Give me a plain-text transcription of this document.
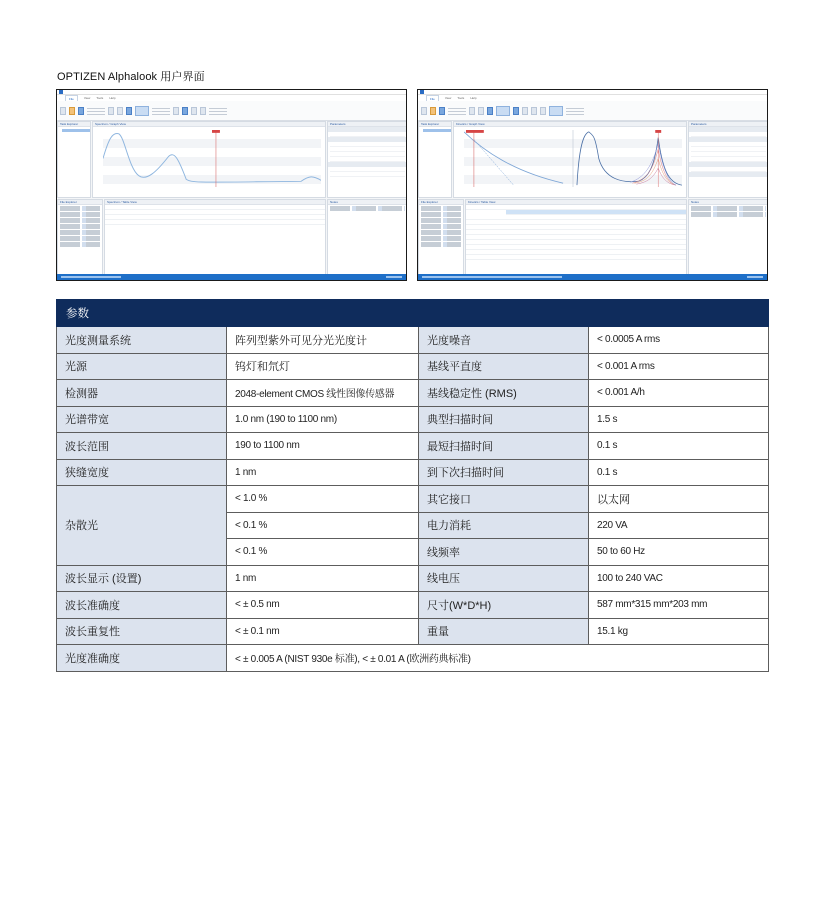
OPTIZEN Alphalook 用户界面
File	View Tools Help
Task Explorer	Spectrum / Graph View	Parameters
File Explorer	Spectrum / Table View	Notes
File	View Tools Help
Task Explorer	Kinetics / Graph View	Parameters
File Explorer	Kinetics / Table View	Notes
参数			
光度测量系统	阵列型紫外可见分光光度计	光度噪音	< 0.0005 A rms
光源	钨灯和氘灯	基线平直度	< 0.001 A rms
检测器	2048-element CMOS 线性图像传感器	基线稳定性 (RMS)	< 0.001 A/h
光谱带宽	1.0 nm (190 to 1100 nm)	典型扫描时间	1.5 s
波长范围	190 to 1100 nm	最短扫描时间	0.1 s
狭缝宽度	1 nm	到下次扫描时间	0.1 s
杂散光	< 1.0 %	其它接口	以太网
	< 0.1 %	电力消耗	220 VA
	< 0.1 %	线频率	50 to 60 Hz
波长显示 (设置)	1 nm	线电压	100 to 240 VAC
波长准确度	< ± 0.5 nm	尺寸(W*D*H)	587 mm*315 mm*203 mm
波长重复性	< ± 0.1 nm	重量	15.1 kg
光度准确度	< ± 0.005 A (NIST 930e 标准), < ± 0.01 A (欧洲药典标准)		
